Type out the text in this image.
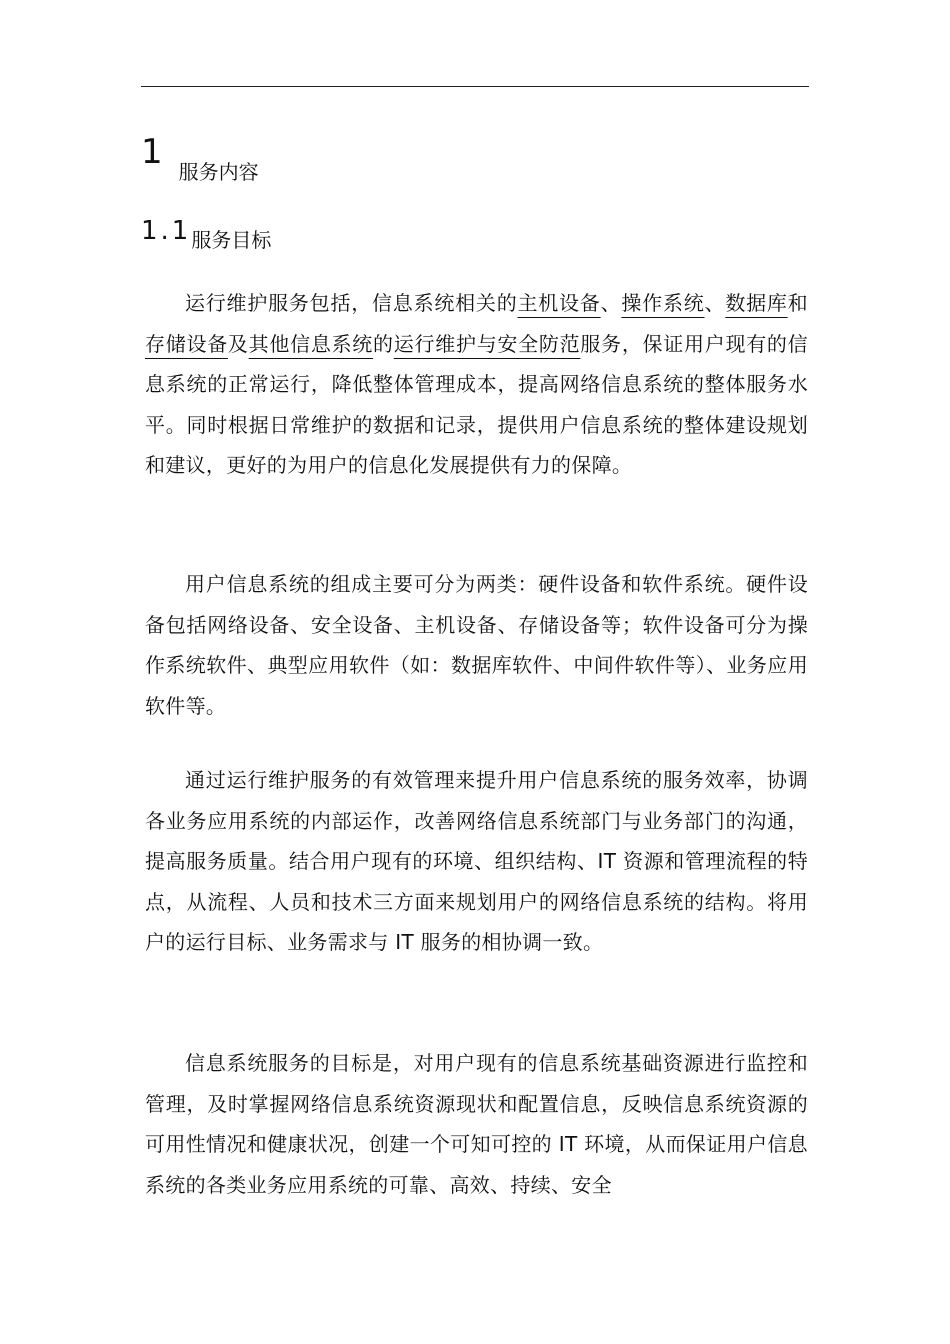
1 服务内容
1.1服务目标

运行维护服务包括，信息系统相关的主机设备、操作系统、数据库和存储设备及其他信息系统的运行维护与安全防范服务，保证用户现有的信息系统的正常运行，降低整体管理成本，提高网络信息系统的整体服务水平。同时根据日常维护的数据和记录，提供用户信息系统的整体建设规划和建议，更好的为用户的信息化发展提供有力的保障。

用户信息系统的组成主要可分为两类：硬件设备和软件系统。硬件设备包括网络设备、安全设备、主机设备、存储设备等；软件设备可分为操作系统软件、典型应用软件（如：数据库软件、中间件软件等）、业务应用软件等。

通过运行维护服务的有效管理来提升用户信息系统的服务效率，协调各业务应用系统的内部运作，改善网络信息系统部门与业务部门的沟通，提高服务质量。结合用户现有的环境、组织结构、IT 资源和管理流程的特点，从流程、人员和技术三方面来规划用户的网络信息系统的结构。将用户的运行目标、业务需求与 IT 服务的相协调一致。

信息系统服务的目标是，对用户现有的信息系统基础资源进行监控和管理，及时掌握网络信息系统资源现状和配置信息，反映信息系统资源的可用性情况和健康状况，创建一个可知可控的 IT 环境，从而保证用户信息系统的各类业务应用系统的可靠、高效、持续、安全
